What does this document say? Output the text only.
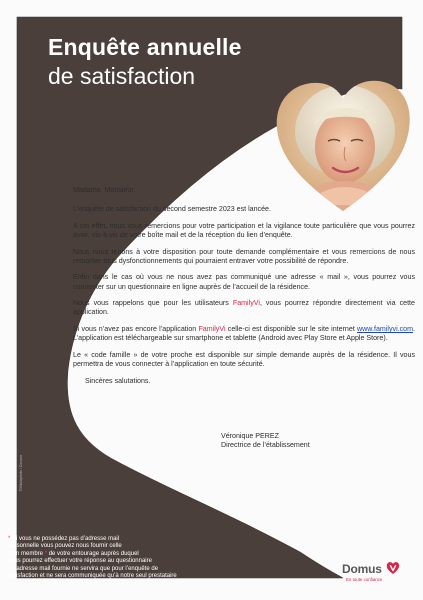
Enquête annuelle
de satisfaction

Madame, Monsieur,

L’enquête de satisfaction du second semestre 2023 est lancée.

A cet effet, nous vous remercions pour votre participation et la vigilance toute particulière que vous pourrez avoir, vis-à-vis de votre boîte mail et de la réception du lien d’enquête.

Nous nous tenons à votre disposition pour toute demande complémentaire et vous remercions de nous remonter tous dysfonctionnements qui pourraient entraver votre possibilité de répondre.

Enfin dans le cas où vous ne nous avez pas communiqué une adresse « mail », vous pourrez vous connecter sur un questionnaire en ligne auprès de l’accueil de la résidence.

Nous vous rappelons que pour les utilisateurs FamilyVi, vous pourrez répondre directement via cette application.

Si vous n’avez pas encore l’application FamilyVi celle-ci est disponible sur le site internet www.familyvi.com. L’application est téléchargeable sur smartphone et tablette (Android avec Play Store et Apple Store).

Le « code famille » de votre proche est disponible sur simple demande auprès de la résidence. Il vous permettra de vous connecter à l’application en toute sécurité.

Sincères salutations.

Véronique PEREZ
Directrice de l’établissement
©iStockphoto / Cocoon
* Si vous ne possédez pas d’adresse mail
personnelle vous pouvez nous fournir celle
d’un membre * de votre entourage auprès duquel
vous pourrez effectuer votre réponse au questionnaire
L’adresse mail fournie ne servira que pour l’enquête de
satisfaction et ne sera communiquée qu’à notre seul prestataire
Domus
En toute confiance
